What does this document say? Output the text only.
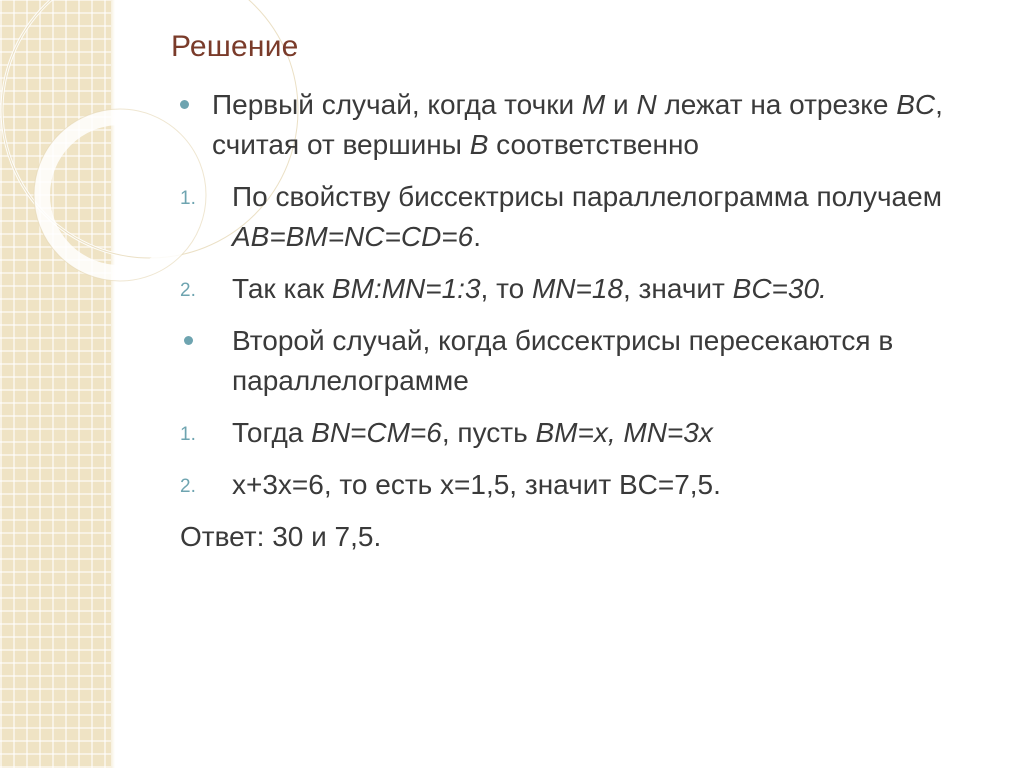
Решение
Первый случай, когда точки M и N лежат на отрезке BC, считая от вершины B соответственно
1. По свойству биссектрисы параллелограмма получаем AB=BM=NC=CD=6.
2. Так как BM:MN=1:3, то MN=18, значит BC=30.
Второй случай, когда биссектрисы пересекаются в параллелограмме
1. Тогда BN=CM=6, пусть BM=x, MN=3x
2. x+3x=6, то есть x=1,5, значит BC=7,5.
Ответ: 30 и 7,5.
